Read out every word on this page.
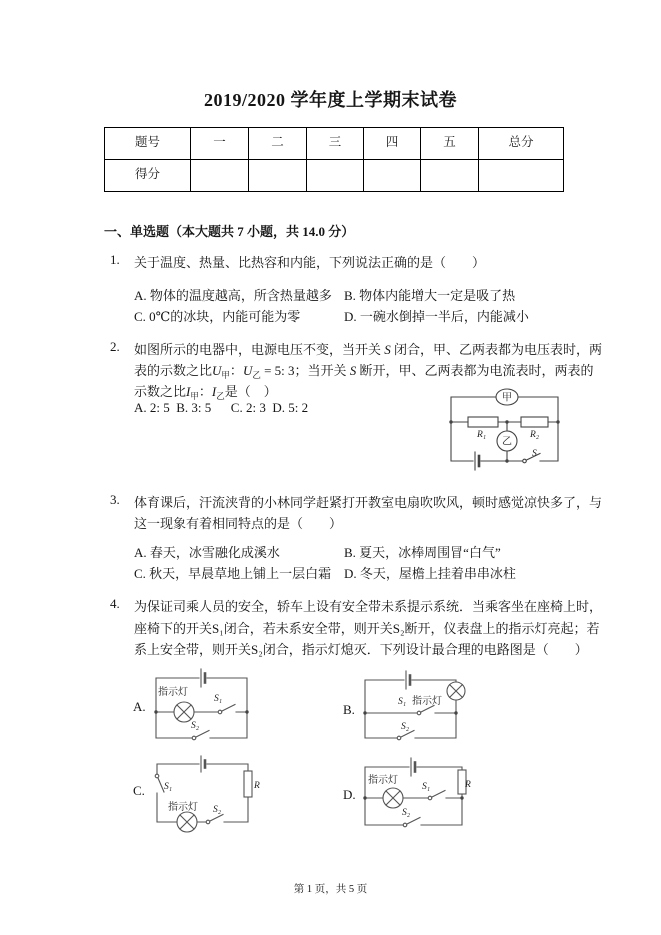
2019/2020 学年度上学期末试卷
题号	一	二	三	四	五	总分
得分						
一、单选题（本大题共 7 小题，共 14.0 分）
1. 关于温度、热量、比热容和内能，下列说法正确的是（　　）
A. 物体的温度越高，所含热量越多 B. 物体内能增大一定是吸了热
C. 0℃的冰块，内能可能为零	D. 一碗水倒掉一半后，内能减小
2. 如图所示的电器中，电源电压不变，当开关 S 闭合，甲、乙两表都为电压表时，两
表的示数之比U甲：U乙 = 5: 3；当开关 S 断开，甲、乙两表都为电流表时，两表的
示数之比I甲：I乙是（　）
A. 2: 5  B. 3: 5      C. 2: 3  D. 5: 2
甲
乙
R₁	R₂
S
3. 体育课后，汗流浃背的小林同学赶紧打开教室电扇吹吹风，顿时感觉凉快多了，与
这一现象有着相同特点的是（　　）
A. 春天，冰雪融化成溪水	B. 夏天，冰棒周围冒“白气”
C. 秋天，早晨草地上铺上一层白霜 D. 冬天，屋檐上挂着串串冰柱
4. 为保证司乘人员的安全，轿车上设有安全带未系提示系统．当乘客坐在座椅上时，
座椅下的开关S₁闭合，若未系安全带，则开关S₂断开，仪表盘上的指示灯亮起；若
系上安全带，则开关S₂闭合，指示灯熄灭．下列设计最合理的电路图是（　　）
A.
指示灯
S₁
S₂
B.	S₁ 指示灯
S₂
C. S₁
指示灯 S₂
R
D.
指示灯
S₁
S₂
R
第 1 页，共 5 页
